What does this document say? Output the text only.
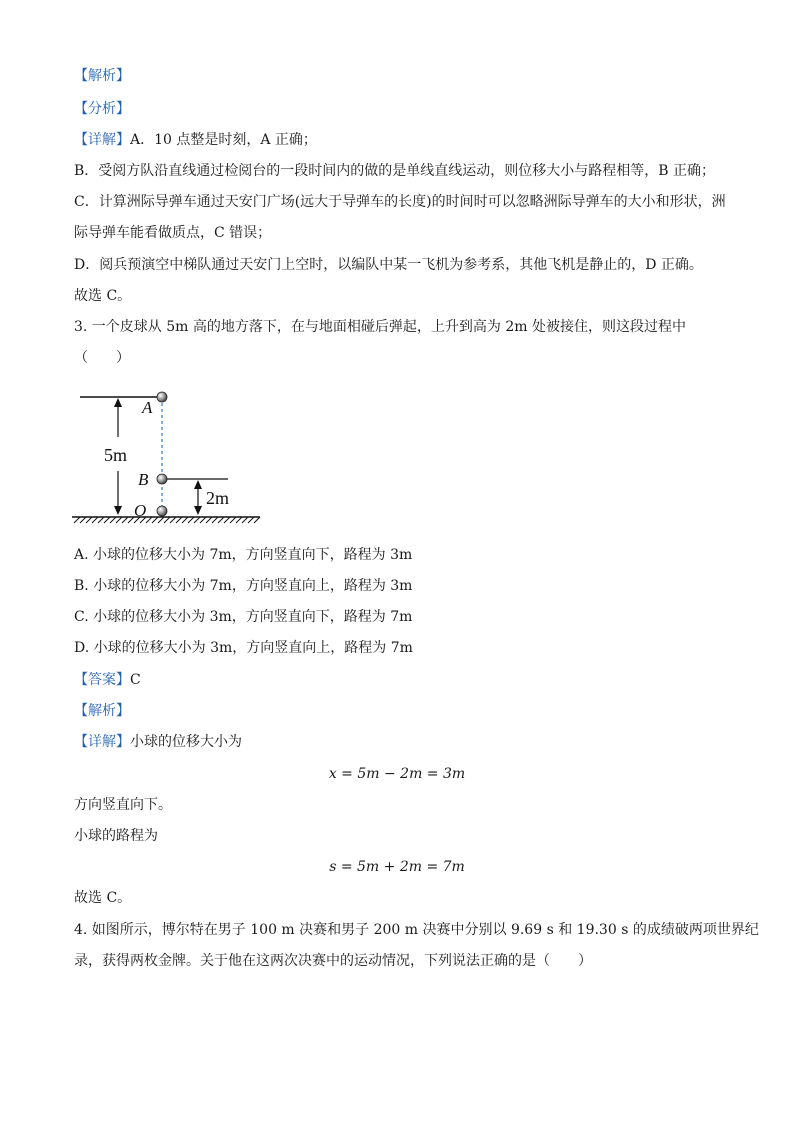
【解析】
【分析】
【详解】A．10 点整是时刻，A 正确；
B．受阅方队沿直线通过检阅台的一段时间内的做的是单线直线运动，则位移大小与路程相等，B 正确；
C．计算洲际导弹车通过天安门广场(远大于导弹车的长度)的时间时可以忽略洲际导弹车的大小和形状，洲
际导弹车能看做质点，C 错误；
D．阅兵预演空中梯队通过天安门上空时，以编队中某一飞机为参考系，其他飞机是静止的，D 正确。
故选 C。
3. 一个皮球从 5m 高的地方落下，在与地面相碰后弹起，上升到高为 2m 处被接住，则这段过程中
（　　）
5m
2m
A
B
O
A. 小球的位移大小为 7m，方向竖直向下，路程为 3m
B. 小球的位移大小为 7m，方向竖直向上，路程为 3m
C. 小球的位移大小为 3m，方向竖直向下，路程为 7m
D. 小球的位移大小为 3m，方向竖直向上，路程为 7m
【答案】C
【解析】
【详解】小球的位移大小为
x = 5m − 2m = 3m
方向竖直向下。
小球的路程为
s = 5m + 2m = 7m
故选 C。
4. 如图所示，博尔特在男子 100 m 决赛和男子 200 m 决赛中分别以 9.69 s 和 19.30 s 的成绩破两项世界纪
录，获得两枚金牌。关于他在这两次决赛中的运动情况，下列说法正确的是（　　）
